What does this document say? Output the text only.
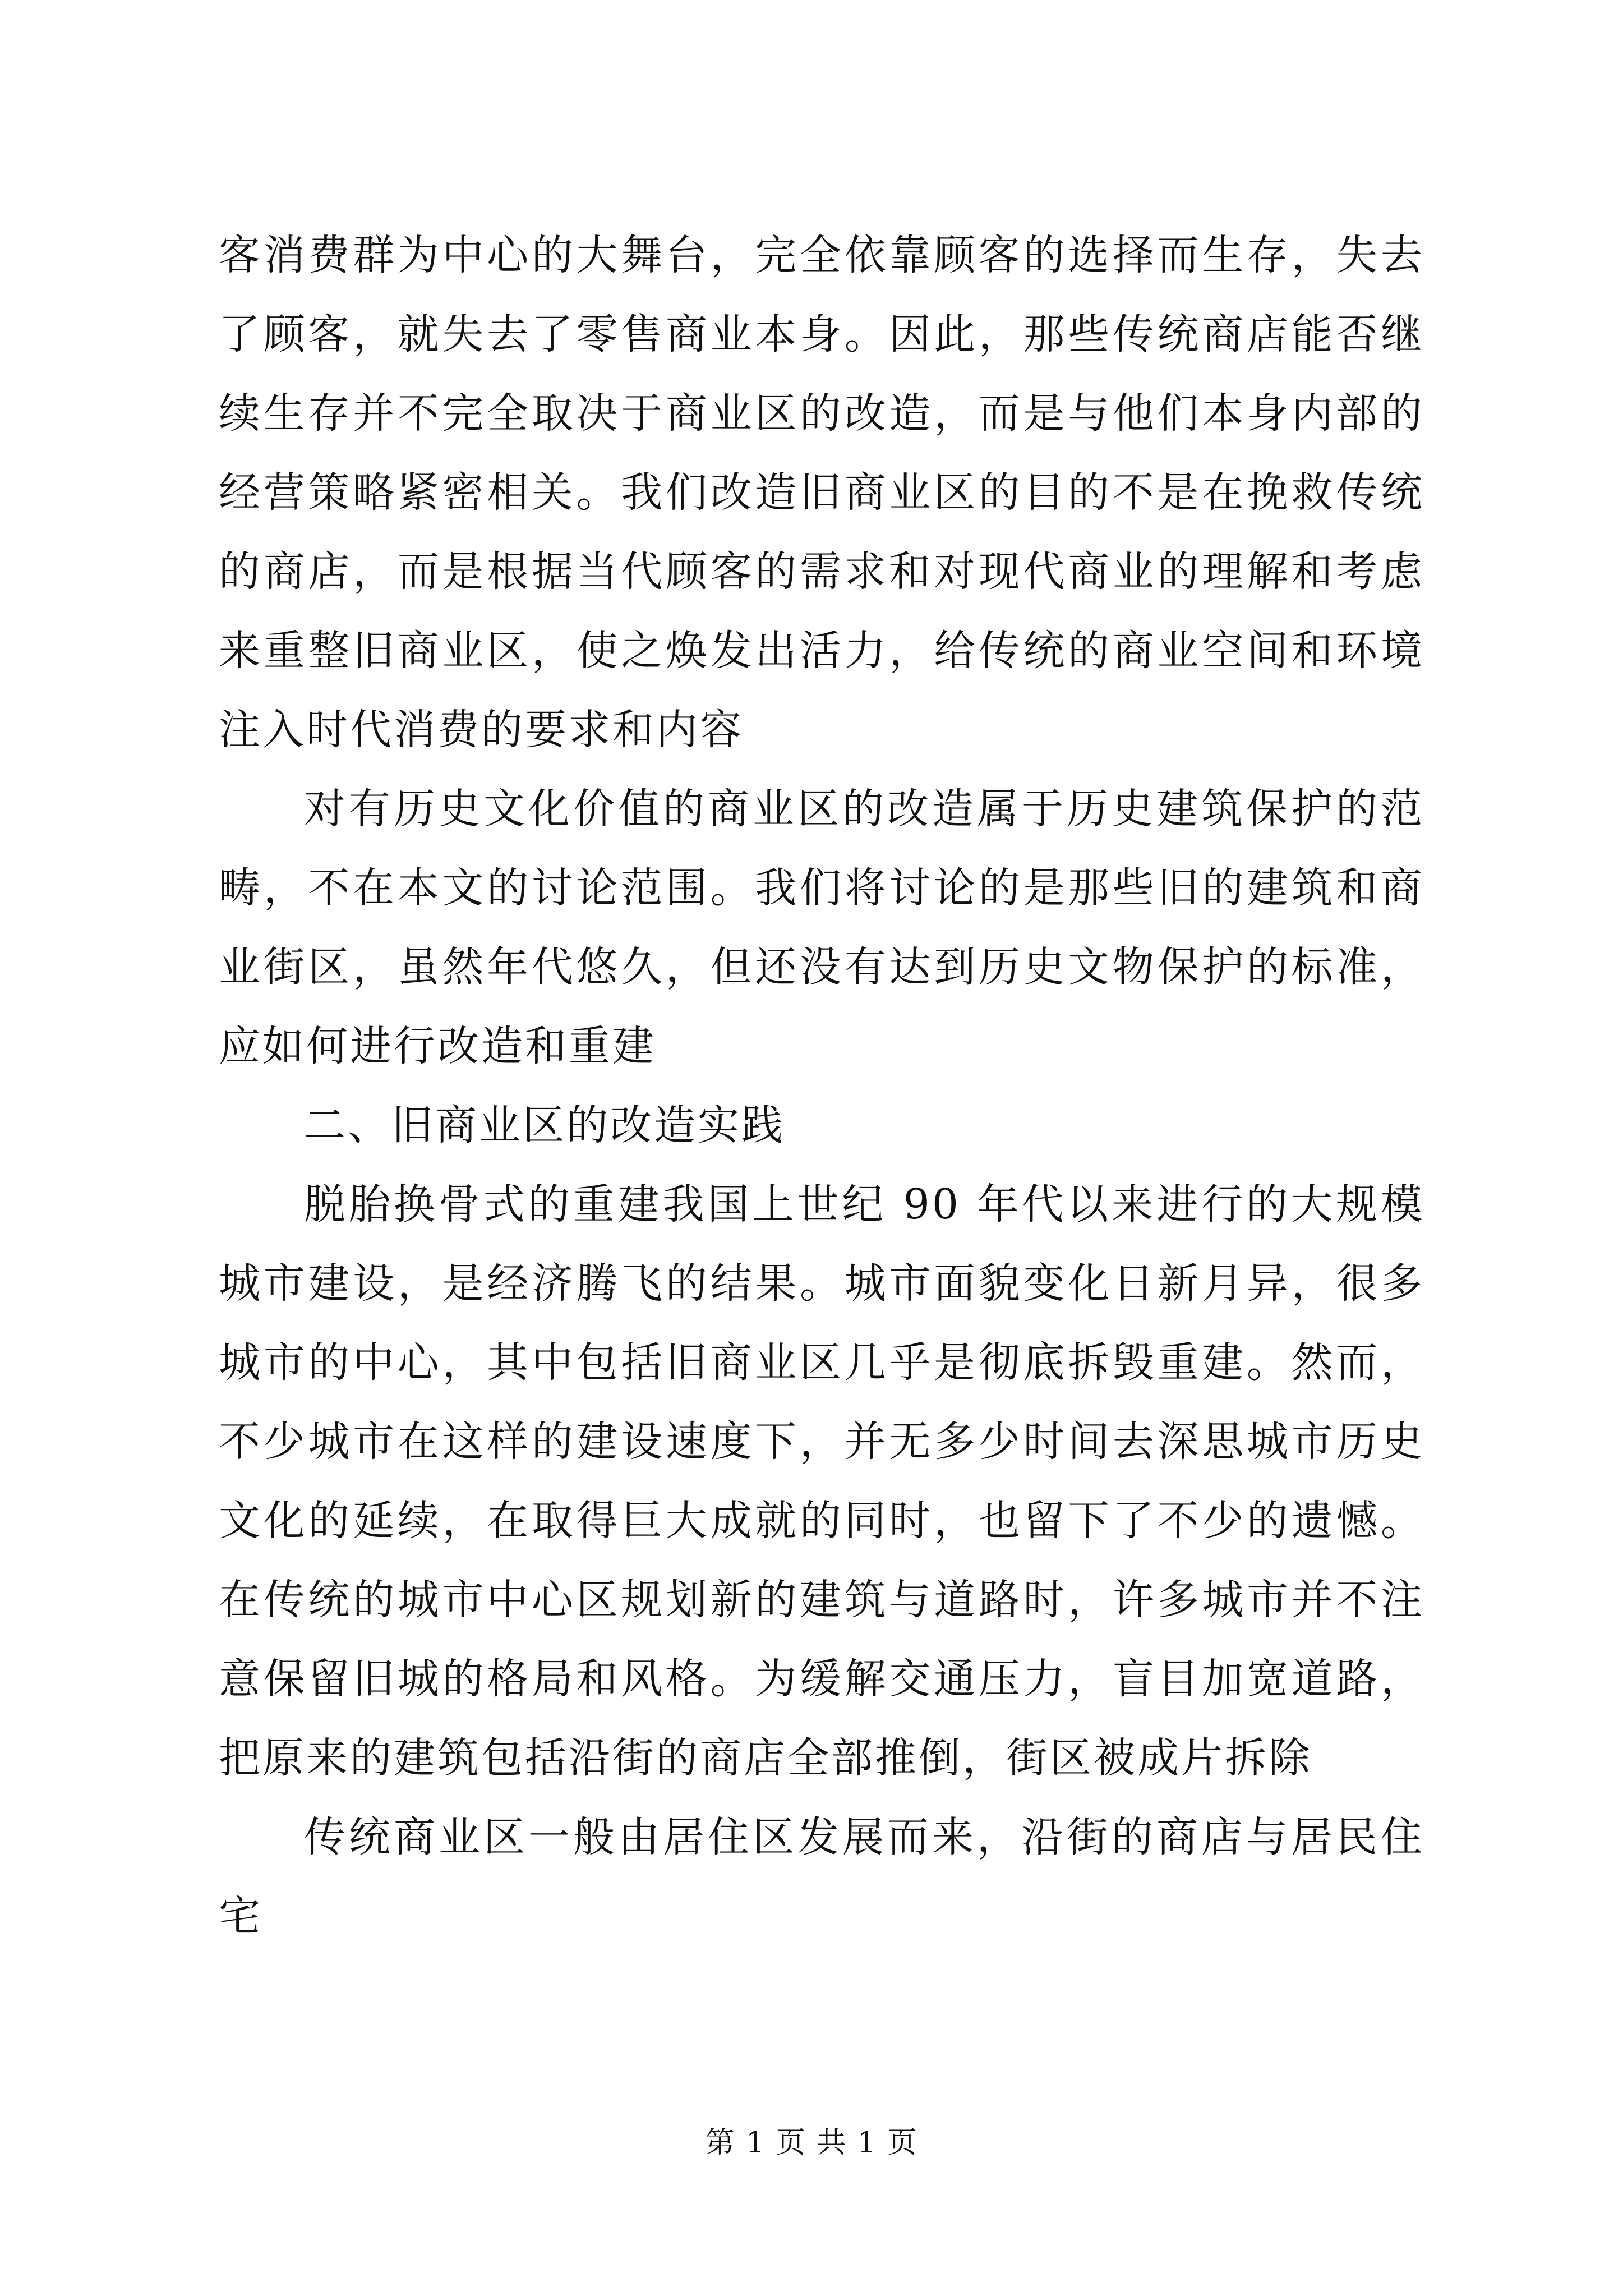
客消费群为中心的大舞台，完全依靠顾客的选择而生存，失去了顾客，就失去了零售商业本身。因此，那些传统商店能否继续生存并不完全取决于商业区的改造，而是与他们本身内部的经营策略紧密相关。我们改造旧商业区的目的不是在挽救传统的商店，而是根据当代顾客的需求和对现代商业的理解和考虑来重整旧商业区，使之焕发出活力，给传统的商业空间和环境注入时代消费的要求和内容

对有历史文化价值的商业区的改造属于历史建筑保护的范畴，不在本文的讨论范围。我们将讨论的是那些旧的建筑和商业街区，虽然年代悠久，但还没有达到历史文物保护的标准，应如何进行改造和重建

二、旧商业区的改造实践

脱胎换骨式的重建我国上世纪 90 年代以来进行的大规模城市建设，是经济腾飞的结果。城市面貌变化日新月异，很多城市的中心，其中包括旧商业区几乎是彻底拆毁重建。然而，不少城市在这样的建设速度下，并无多少时间去深思城市历史文化的延续，在取得巨大成就的同时，也留下了不少的遗憾。在传统的城市中心区规划新的建筑与道路时，许多城市并不注意保留旧城的格局和风格。为缓解交通压力，盲目加宽道路，把原来的建筑包括沿街的商店全部推倒，街区被成片拆除

传统商业区一般由居住区发展而来，沿街的商店与居民住宅

第 1 页 共 1 页
